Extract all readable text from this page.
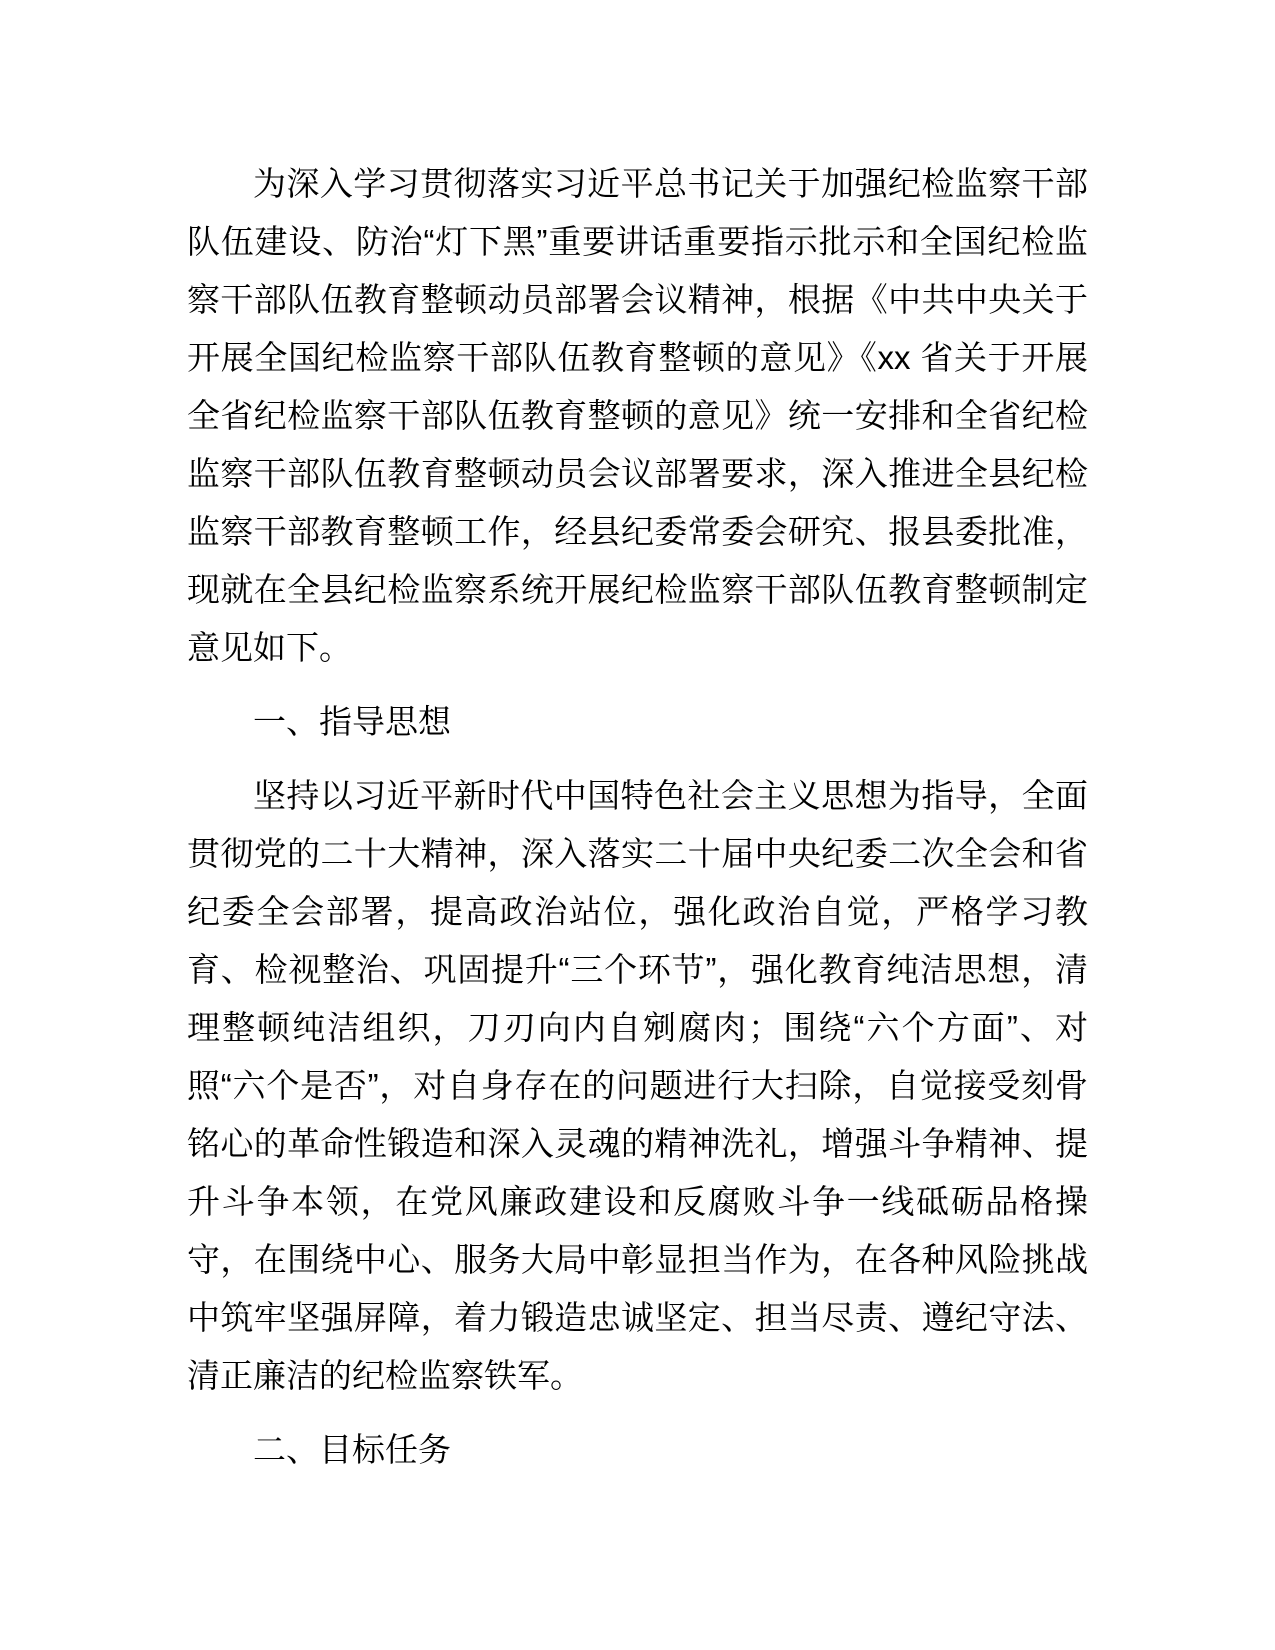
为深入学习贯彻落实习近平总书记关于加强纪检监察干部队伍建设、防治“灯下黑”重要讲话重要指示批示和全国纪检监察干部队伍教育整顿动员部署会议精神，根据《中共中央关于开展全国纪检监察干部队伍教育整顿的意见》《xx 省关于开展全省纪检监察干部队伍教育整顿的意见》统一安排和全省纪检监察干部队伍教育整顿动员会议部署要求，深入推进全县纪检监察干部教育整顿工作，经县纪委常委会研究、报县委批准，现就在全县纪检监察系统开展纪检监察干部队伍教育整顿制定意见如下。

一、指导思想

坚持以习近平新时代中国特色社会主义思想为指导，全面贯彻党的二十大精神，深入落实二十届中央纪委二次全会和省纪委全会部署，提高政治站位，强化政治自觉，严格学习教育、检视整治、巩固提升“三个环节”，强化教育纯洁思想，清理整顿纯洁组织，刀刃向内自剜腐肉；围绕“六个方面”、对照“六个是否”，对自身存在的问题进行大扫除，自觉接受刻骨铭心的革命性锻造和深入灵魂的精神洗礼，增强斗争精神、提升斗争本领，在党风廉政建设和反腐败斗争一线砥砺品格操守，在围绕中心、服务大局中彰显担当作为，在各种风险挑战中筑牢坚强屏障，着力锻造忠诚坚定、担当尽责、遵纪守法、清正廉洁的纪检监察铁军。

二、目标任务
